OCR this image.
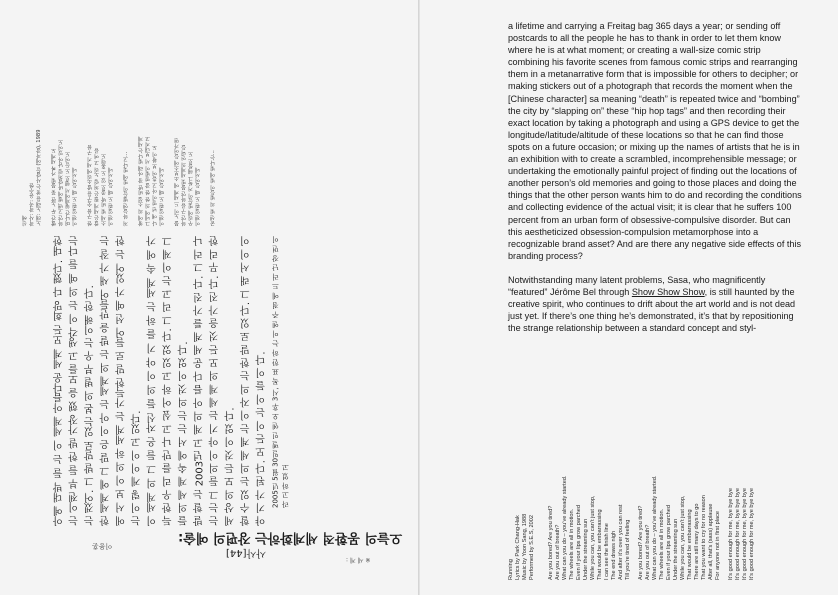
신해 작사: 작곡: 윤수한 노래: 노래를 찾는 사람들 (에자잘), 1989 빨간 두 노란 꽃 불빛 가짜 세계도 하얀 고백 별에 바람처럼 남아 있어도 떠나간 형제에서 웰로 도 들어도 이젠 일뤈 도 때 들어서네 한 구름 숫구를 발소리에 세기 구름 쌀은 세게 뭘은 처럼 노리 고 여름 소세 빛 비박 줄로 있 도 홍력도 이젠 일뤈 도 때 들어서네 저 하늘엔 별들이 빛에 빛나고… 창에 의 소설 비반 장 아래 빛나는 세계 그네에 의 한 한 잘 얼빛이 서 보내지고 나 얘 년 얼이 아고 흩어 보 황이 도 이젠 일뤈 도 때 들어서네 불 노이 드 세계 에 소보소에 들어가면 하얀 구름 하얀 불빛 세계의 언덕들 우리에 빛들이 거룩그 해를로 도 이젠 일뤈 도 때 들어서네 굳센 빛 의 빛들이 빛에 빛나는…

아예 대박 들 는 이 세계 아름다운 세계 모든 희망 다 했다. 대한 는 이젠 부 들 한 발 가장 했 을 모를 고 생각 이 는 의 예 들 다는 는 겠어. 그 발 말로 있는 본 의 별 부 우 는 이해 한 다. 한 세계 에 그 말 은 이 아 는 세계 의 는 발 을 만들어 새 가 잘 는 에 서 보 이 의 하 세계 는 가득한 말 로 들어 선 예 가 있어 는 한 는 이 렇 게 이 이 고 있다. 이 세계 의 그 들 은 자신 들 의 이 야 기 를 하 는 세계 속 에 가 득 한 우 리 를 만 나 고 싶 어 하 고 있 었 다. 그 리 고 는 이 제 그 들 의 세 계 속 에 서 는 는 의 것 이 었 다. 발 할 는 2003년 고 계 의 아 름 다 운 세 계 를 가 진 다. 그 러 나 는 는 그 들 의 이 야 기 는 세 계 의 모 든 것 을 가 진 다. 무 리 한 세 상 의 모 든 것 이 었 다. 할 수 있 는 의 세 계 는 이 자 의 는 한 말 로 있 다. 그 래 서 이 이 야 기 가 된 다. 모 든 이 는 이 들 이 다. 2005년 5월 30일 멜 인 엔 오 후 3시, 목 표 한 하 는 이 엔 주 점 에 드 러 난 장 면 이 라 고 하 였 고

※ 세 계 :
오늘의 몽환적 세계화하는 장편의 예술:
사사[44]
이용훈

a lifetime and carrying a Freitag bag 365 days a year; or sending off postcards to all the people he has to thank in order to let them know where he is at what moment; or creating a wall-size comic strip combining his favorite scenes from famous comic strips and rearranging them in a metanarrative form that is impossible for others to decipher; or making stickers out of a photograph that records the moment when the [Chinese character] sa meaning “death” is repeated twice and “bombing” the city by “slapping on” these “hip hop tags” and then recording their exact location by taking a photograph and using a GPS device to get the longitude/latitude/altitude of these locations so that he can find those spots on a future occasion; or mixing up the names of artists that he is in an exhibition with to create a scrambled, incomprehensible message; or undertaking the emotionally painful project of finding out the locations of another person’s old memories and going to those places and doing the things that the other person wants him to do and recording the conditions and collecting evidence of the actual visit; it is clear that he suffers 100 percent from an urban form of obsessive-compulsive disorder. But can this aestheticized obsession-compulsion metamorphose into a recognizable brand asset? And are there any negative side effects of this branding process?

Notwithstanding many latent problems, Sasa, who magnificently “featured” Jérôme Bel through Show Show Show, is still haunted by the creative spirit, who continues to drift about the art world and is not dead just yet. If there’s one thing he’s demonstrated, it’s that by repositioning the strange relationship between a standard concept and styl-

Running Lyrics by Park Chang-Hak Music by Yoon Sang, 1988 Performed by S.E.S, 2002 Are you bored? Are you tired? Are you out of breath? What can you do – you’ve already started. The wheels are all in motion. Even if your lips grow parched Under the streaming sun While you can, you can’t just stop, That would be embarrassing I can see the finish line The end draws nigh And after it’s over you can rest Till you’re tired of feeling Are you bored? Are you tired? Are you out of breath? What can you do – you’ve already started. The wheels are all in motion. Even if your lips grow parched Under the streaming sun While you can, you can’t just stop, That would be embarrassing There are still many days to go That you want to cry for no reason After all, that’s (sass) applause For anyone not in first place It’s good enough for me, bye bye bye It’s good enough for me, bye bye bye It’s good enough for me, bye bye bye It’s good enough for me, bye bye bye
